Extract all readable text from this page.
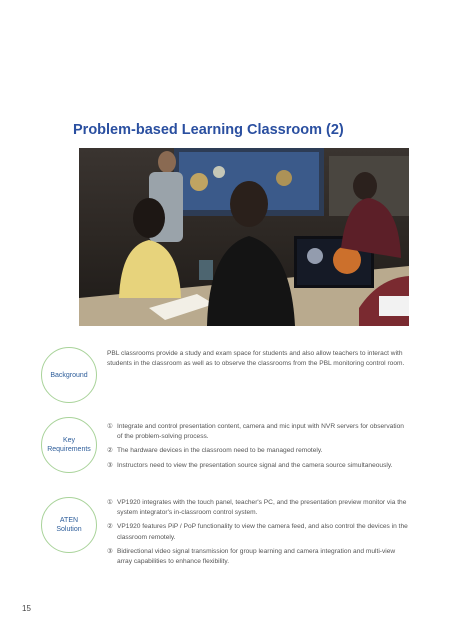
Problem-based Learning Classroom (2)
Background
PBL classrooms provide a study and exam space for students and also allow teachers to interact with students in the classroom as well as to observe the classrooms from the PBL monitoring control room.
Key
Requirements
① Integrate and control presentation content, camera and mic input with NVR servers for observation of the problem-solving process.
② The hardware devices in the classroom need to be managed remotely.
③ Instructors need to view the presentation source signal and the camera source simultaneously.
ATEN
Solution
① VP1920 integrates with the touch panel, teacher's PC, and the presentation preview monitor via the system integrator's in-classroom control system.
② VP1920 features PiP / PoP functionality to view the camera feed, and also control the devices in the classroom remotely.
③ Bidirectional video signal transmission for group learning and camera integration and multi-view array capabilities to enhance flexibility.
15
